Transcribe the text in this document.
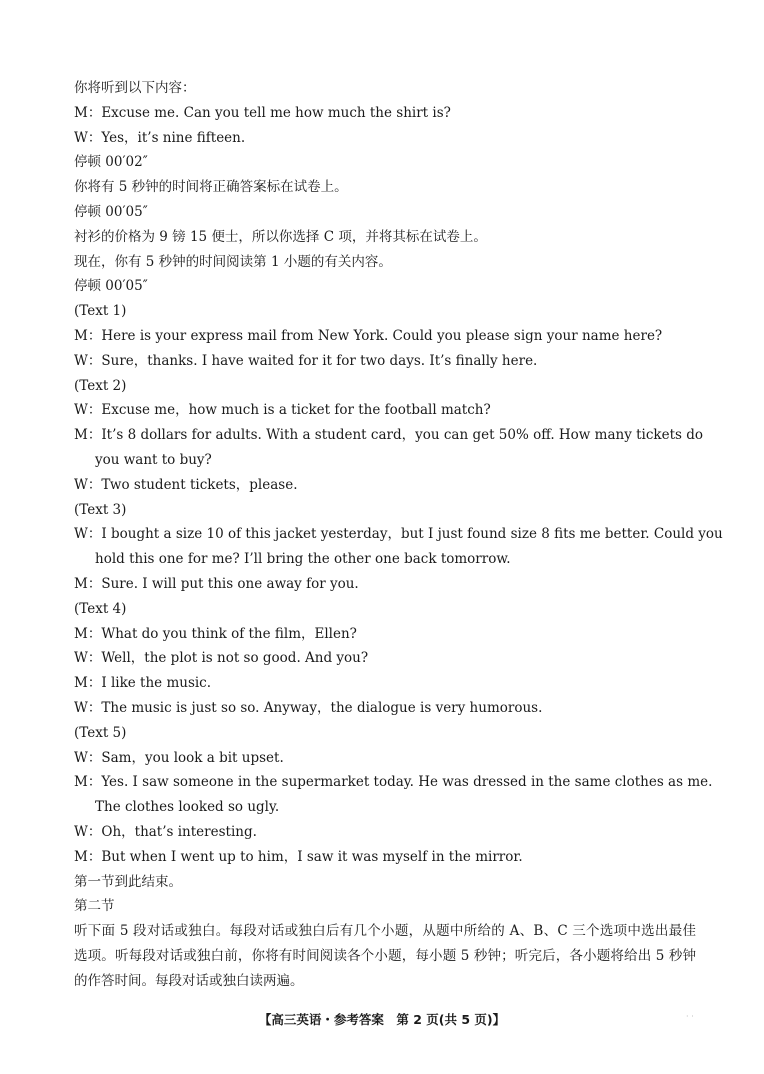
你将听到以下内容：
M：Excuse me. Can you tell me how much the shirt is?
W：Yes，it’s nine fifteen.
停顿 00′02″
你将有 5 秒钟的时间将正确答案标在试卷上。
停顿 00′05″
衬衫的价格为 9 镑 15 便士，所以你选择 C 项，并将其标在试卷上。
现在，你有 5 秒钟的时间阅读第 1 小题的有关内容。
停顿 00′05″
(Text 1)
M：Here is your express mail from New York. Could you please sign your name here?
W：Sure，thanks. I have waited for it for two days. It’s finally here.
(Text 2)
W：Excuse me，how much is a ticket for the football match?
M：It’s 8 dollars for adults. With a student card，you can get 50% off. How many tickets do
you want to buy?
W：Two student tickets，please.
(Text 3)
W：I bought a size 10 of this jacket yesterday，but I just found size 8 fits me better. Could you
hold this one for me? I’ll bring the other one back tomorrow.
M：Sure. I will put this one away for you.
(Text 4)
M：What do you think of the film，Ellen?
W：Well，the plot is not so good. And you?
M：I like the music.
W：The music is just so so. Anyway，the dialogue is very humorous.
(Text 5)
W：Sam，you look a bit upset.
M：Yes. I saw someone in the supermarket today. He was dressed in the same clothes as me.
The clothes looked so ugly.
W：Oh，that’s interesting.
M：But when I went up to him，I saw it was myself in the mirror.
第一节到此结束。
第二节
听下面 5 段对话或独白。每段对话或独白后有几个小题，从题中所给的 A、B、C 三个选项中选出最佳选项。听每段对话或独白前，你将有时间阅读各个小题，每小题 5 秒钟；听完后，各小题将给出 5 秒钟的作答时间。每段对话或独白读两遍。
【高三英语・参考答案　第 2 页(共 5 页)】	· ·
